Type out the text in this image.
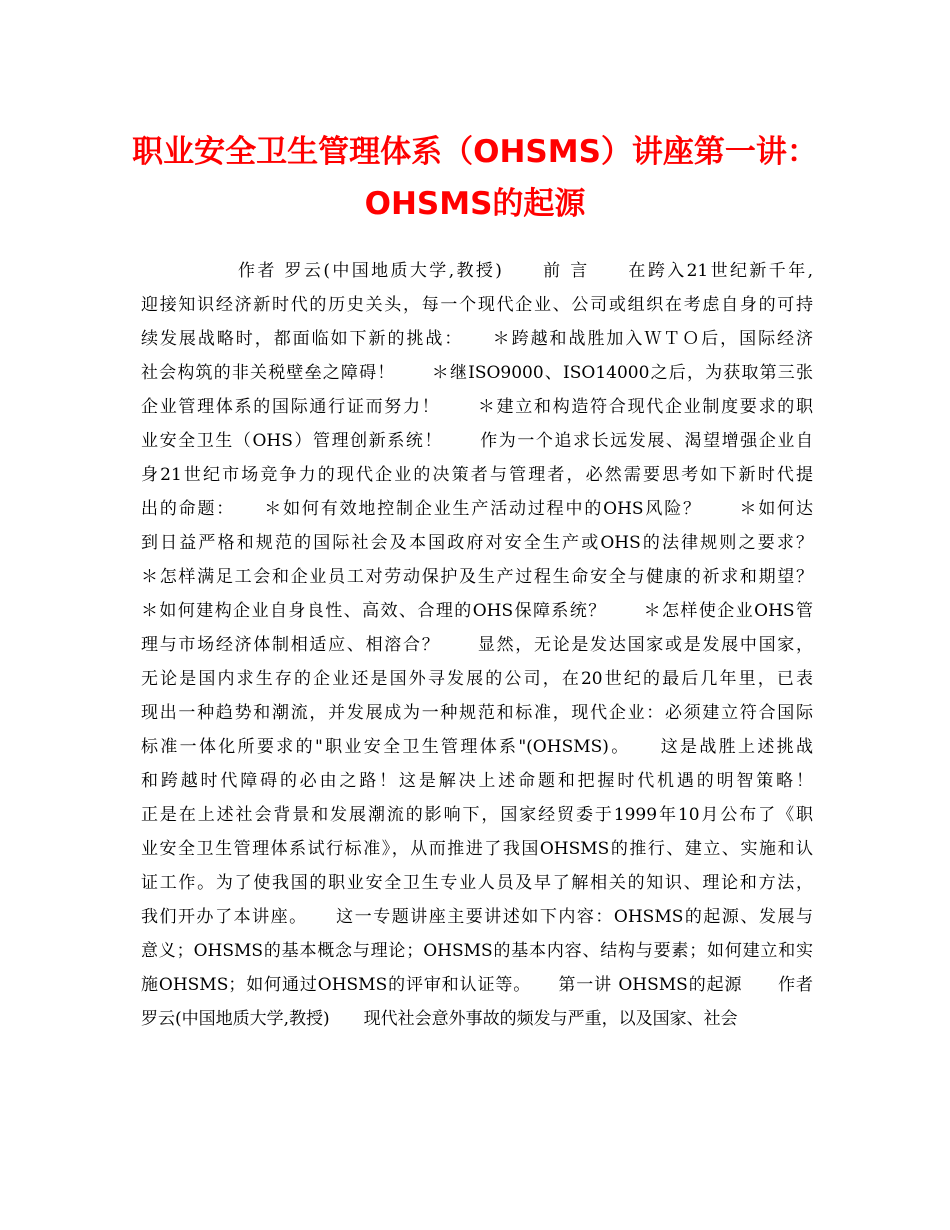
职业安全卫生管理体系（OHSMS）讲座第一讲：
OHSMS的起源
　　　　　作者 罗云(中国地质大学,教授)　　前 言　　在跨入21世纪新千年,
迎接知识经济新时代的历史关头，每一个现代企业、公司或组织在考虑自身的可持
续发展战略时，都面临如下新的挑战：　　＊跨越和战胜加入ＷＴＯ后，国际经济
社会构筑的非关税壁垒之障碍！　　＊继ISO9000、ISO14000之后，为获取第三张
企业管理体系的国际通行证而努力！　　＊建立和构造符合现代企业制度要求的职
业安全卫生（OHS）管理创新系统！　　作为一个追求长远发展、渴望增强企业自
身21世纪市场竞争力的现代企业的决策者与管理者，必然需要思考如下新时代提
出的命题：　　＊如何有效地控制企业生产活动过程中的OHS风险？　　＊如何达
到日益严格和规范的国际社会及本国政府对安全生产或OHS的法律规则之要求？
＊怎样满足工会和企业员工对劳动保护及生产过程生命安全与健康的祈求和期望？
＊如何建构企业自身良性、高效、合理的OHS保障系统？　　＊怎样使企业OHS管
理与市场经济体制相适应、相溶合？　　显然，无论是发达国家或是发展中国家，
无论是国内求生存的企业还是国外寻发展的公司，在20世纪的最后几年里，已表
现出一种趋势和潮流，并发展成为一种规范和标准，现代企业：必须建立符合国际
标准一体化所要求的"职业安全卫生管理体系"(OHSMS)。　　这是战胜上述挑战
和跨越时代障碍的必由之路！这是解决上述命题和把握时代机遇的明智策略！
正是在上述社会背景和发展潮流的影响下，国家经贸委于1999年10月公布了《职
业安全卫生管理体系试行标准》，从而推进了我国OHSMS的推行、建立、实施和认
证工作。为了使我国的职业安全卫生专业人员及早了解相关的知识、理论和方法，
我们开办了本讲座。　　这一专题讲座主要讲述如下内容：OHSMS的起源、发展与
意义；OHSMS的基本概念与理论；OHSMS的基本内容、结构与要素；如何建立和实
施OHSMS；如何通过OHSMS的评审和认证等。　　第一讲 OHSMS的起源　　作者
罗云(中国地质大学,教授)　　现代社会意外事故的频发与严重，以及国家、社会
